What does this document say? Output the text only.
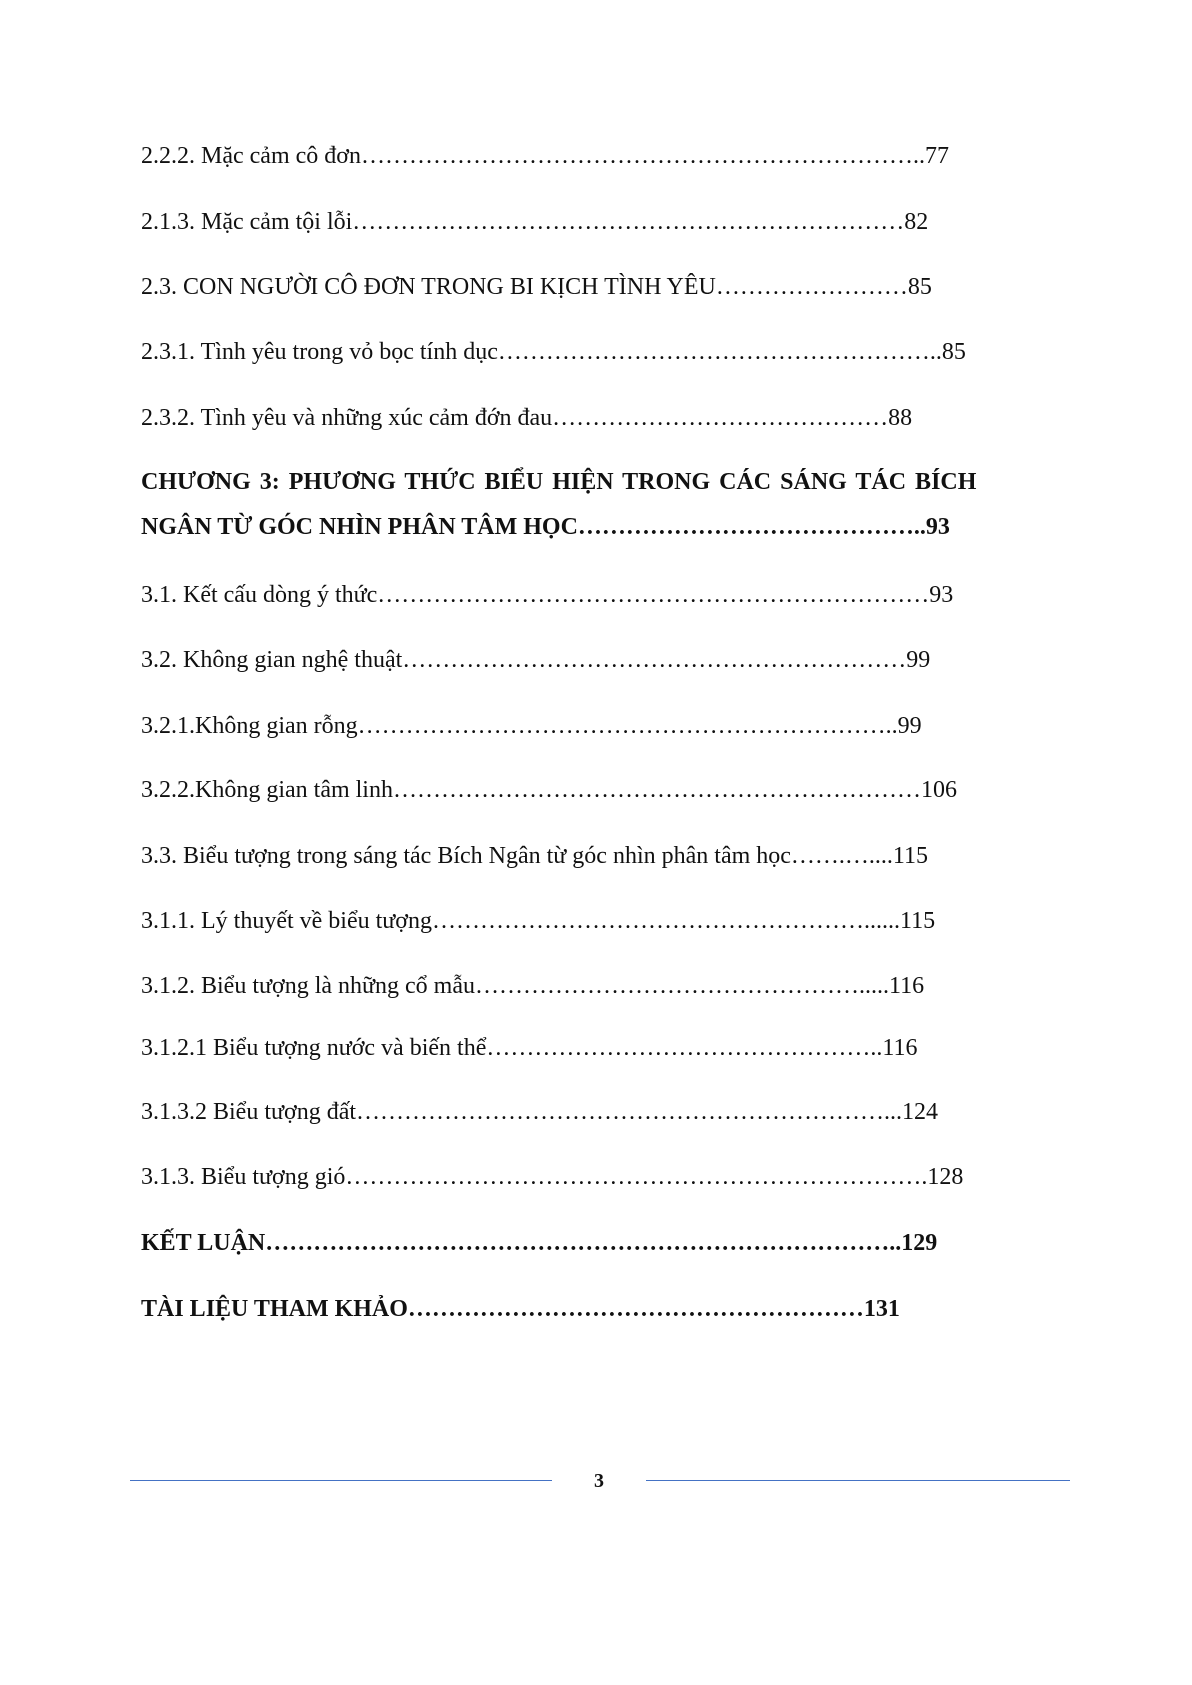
2.2.2. Mặc cảm cô đơn……………………………………………………………..77
2.1.3. Mặc cảm tội lỗi……………………………………………………………82
2.3. CON NGƯỜI CÔ ĐƠN TRONG BI KỊCH TÌNH YÊU……………………85
2.3.1. Tình yêu trong vỏ bọc tính dục………………………………………………..85
2.3.2. Tình yêu và những xúc cảm đớn đau……………………………………88
CHƯƠNG 3: PHƯƠNG THỨC BIỂU HIỆN TRONG CÁC SÁNG TÁC BÍCH
NGÂN TỪ GÓC NHÌN PHÂN TÂM HỌC……………………………………..93
3.1. Kết cấu dòng ý thức……………………………………………………………93
3.2. Không gian nghệ thuật………………………………………………………99
3.2.1.Không gian rỗng…………………………………………………………..99
3.2.2.Không gian tâm linh…………………………………………………………106
3.3. Biểu tượng trong sáng tác Bích Ngân từ góc nhìn phân tâm học…….…....115
3.1.1. Lý thuyết về biểu tượng………………………………………………......115
3.1.2. Biểu tượng là những cổ mẫu………………………………………….....116
3.1.2.1 Biểu tượng nước và biến thể…………………………………………..116
3.1.3.2 Biểu tượng đất…………………………………………………………...124
3.1.3. Biểu tượng gió……………………………………………………………….128
KẾT LUẬN……………………………………………………………………..129
TÀI LIỆU THAM KHẢO…………………………………………………131
3
